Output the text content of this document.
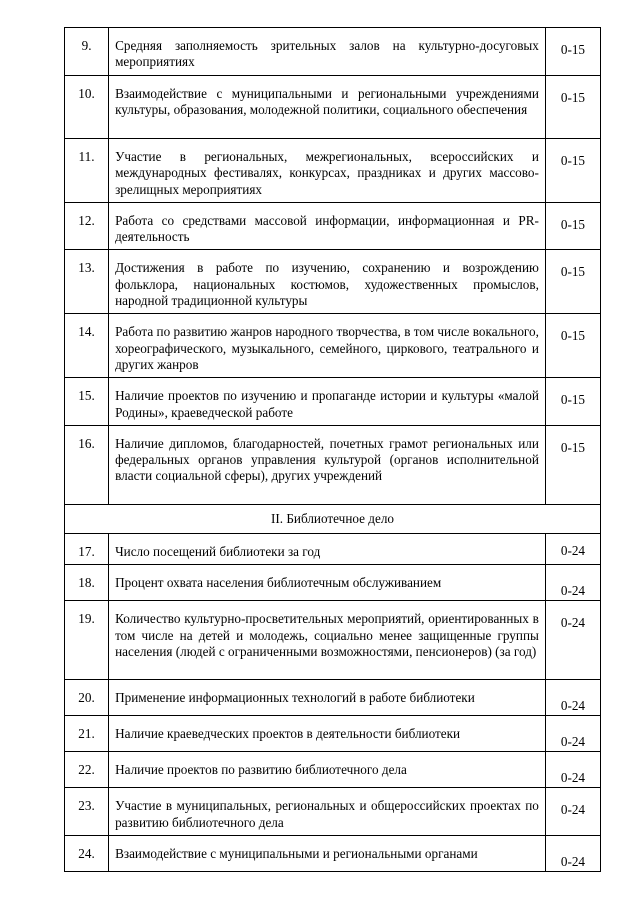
9.	Средняя заполняемость зрительных залов на культурно-досуговых мероприятиях	0-15
10.	Взаимодействие с муниципальными и региональными учреждениями культуры, образования, молодежной политики, социального обеспечения	0-15
11.	Участие в региональных, межрегиональных, всероссийских и международных фестивалях, конкурсах, праздниках и других массово-зрелищных мероприятиях	0-15
12.	Работа со средствами массовой информации, информационная и PR-деятельность	0-15
13.	Достижения в работе по изучению, сохранению и возрождению фольклора, национальных костюмов, художественных промыслов, народной традиционной культуры	0-15
14.	Работа по развитию жанров народного творчества, в том числе вокального, хореографического, музыкального, семейного, циркового, театрального и других жанров	0-15
15.	Наличие проектов по изучению и пропаганде истории и культуры «малой Родины», краеведческой работе	0-15
16.	Наличие дипломов, благодарностей, почетных грамот региональных или федеральных органов управления культурой (органов исполнительной власти социальной сферы), других учреждений	0-15
II. Библиотечное дело		
17.	Число посещений библиотеки за год	0-24
18.	Процент охвата населения библиотечным обслуживанием	0-24
19.	Количество культурно-просветительных мероприятий, ориентированных в том числе на детей и молодежь, социально менее защищенные группы населения (людей с ограниченными возможностями, пенсионеров) (за год)	0-24
20.	Применение информационных технологий в работе библиотеки	0-24
21.	Наличие краеведческих проектов в деятельности библиотеки	0-24
22.	Наличие проектов по развитию библиотечного дела	0-24
23.	Участие в муниципальных, региональных и общероссийских проектах по развитию библиотечного дела	0-24
24.	Взаимодействие с муниципальными и региональными органами	0-24
